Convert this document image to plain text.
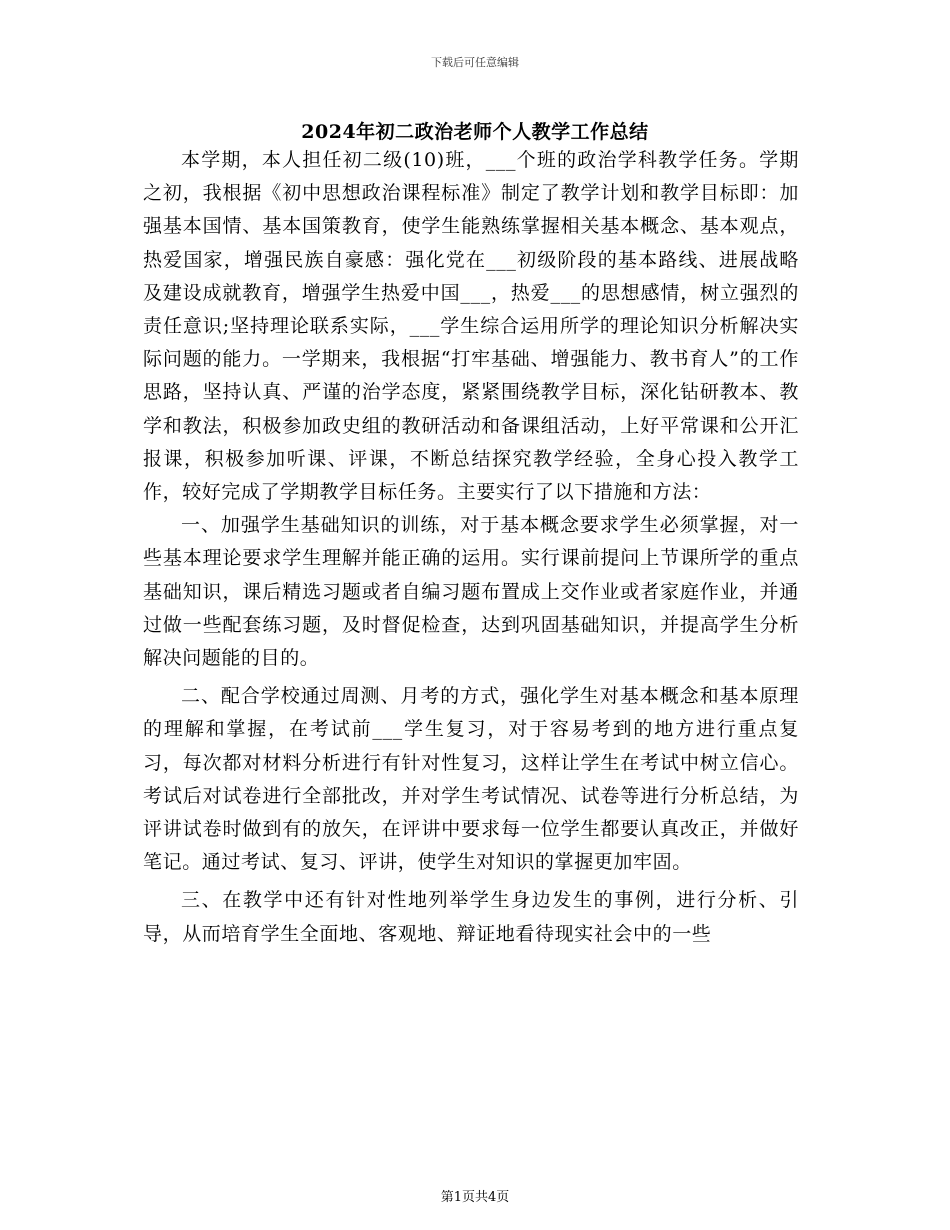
下载后可任意编辑
2024年初二政治老师个人教学工作总结

本学期，本人担任初二级(10)班，___个班的政治学科教学任务。学期之初，我根据《初中思想政治课程标准》制定了教学计划和教学目标即：加强基本国情、基本国策教育，使学生能熟练掌握相关基本概念、基本观点，热爱国家，增强民族自豪感：强化党在___初级阶段的基本路线、进展战略及建设成就教育，增强学生热爱中国___，热爱___的思想感情，树立强烈的责任意识;坚持理论联系实际，___学生综合运用所学的理论知识分析解决实际问题的能力。一学期来，我根据“打牢基础、增强能力、教书育人”的工作思路，坚持认真、严谨的治学态度，紧紧围绕教学目标，深化钻研教本、教学和教法，积极参加政史组的教研活动和备课组活动，上好平常课和公开汇报课，积极参加听课、评课，不断总结探究教学经验，全身心投入教学工作，较好完成了学期教学目标任务。主要实行了以下措施和方法：

一、加强学生基础知识的训练，对于基本概念要求学生必须掌握，对一些基本理论要求学生理解并能正确的运用。实行课前提问上节课所学的重点基础知识，课后精选习题或者自编习题布置成上交作业或者家庭作业，并通过做一些配套练习题，及时督促检查，达到巩固基础知识，并提高学生分析解决问题能的目的。

二、配合学校通过周测、月考的方式，强化学生对基本概念和基本原理的理解和掌握，在考试前___学生复习，对于容易考到的地方进行重点复习，每次都对材料分析进行有针对性复习，这样让学生在考试中树立信心。考试后对试卷进行全部批改，并对学生考试情况、试卷等进行分析总结，为评讲试卷时做到有的放矢，在评讲中要求每一位学生都要认真改正，并做好笔记。通过考试、复习、评讲，使学生对知识的掌握更加牢固。

三、在教学中还有针对性地列举学生身边发生的事例，进行分析、引导，从而培育学生全面地、客观地、辩证地看待现实社会中的一些

第1页共4页
